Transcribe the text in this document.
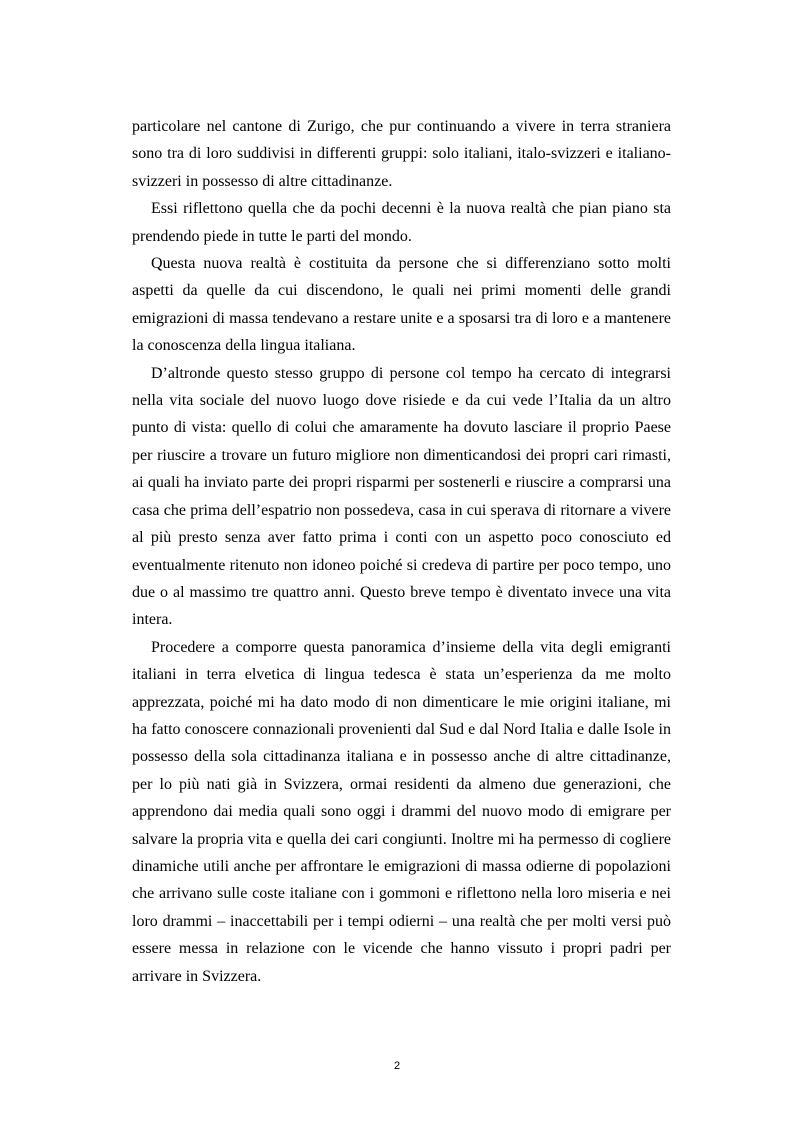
particolare nel cantone di Zurigo, che pur continuando a vivere in terra straniera sono tra di loro suddivisi in differenti gruppi: solo italiani, italo-svizzeri e italiano-svizzeri in possesso di altre cittadinanze.

Essi riflettono quella che da pochi decenni è la nuova realtà che pian piano sta prendendo piede in tutte le parti del mondo.

Questa nuova realtà è costituita da persone che si differenziano sotto molti aspetti da quelle da cui discendono, le quali nei primi momenti delle grandi emigrazioni di massa tendevano a restare unite e a sposarsi tra di loro e a mantenere la conoscenza della lingua italiana.

D’altronde questo stesso gruppo di persone col tempo ha cercato di integrarsi nella vita sociale del nuovo luogo dove risiede e da cui vede l’Italia da un altro punto di vista: quello di colui che amaramente ha dovuto lasciare il proprio Paese per riuscire a trovare un futuro migliore non dimenticandosi dei propri cari rimasti, ai quali ha inviato parte dei propri risparmi per sostenerli e riuscire a comprarsi una casa che prima dell’espatrio non possedeva, casa in cui sperava di ritornare a vivere al più presto senza aver fatto prima i conti con un aspetto poco conosciuto ed eventualmente ritenuto non idoneo poiché si credeva di partire per poco tempo, uno due o al massimo tre quattro anni. Questo breve tempo è diventato invece una vita intera.

Procedere a comporre questa panoramica d’insieme della vita degli emigranti italiani in terra elvetica di lingua tedesca è stata un’esperienza da me molto apprezzata, poiché mi ha dato modo di non dimenticare le mie origini italiane, mi ha fatto conoscere connazionali provenienti dal Sud e dal Nord Italia e dalle Isole in possesso della sola cittadinanza italiana e in possesso anche di altre cittadinanze, per lo più nati già in Svizzera, ormai residenti da almeno due generazioni, che apprendono dai media quali sono oggi i drammi del nuovo modo di emigrare per salvare la propria vita e quella dei cari congiunti. Inoltre mi ha permesso di cogliere dinamiche utili anche per affrontare le emigrazioni di massa odierne di popolazioni che arrivano sulle coste italiane con i gommoni e riflettono nella loro miseria e nei loro drammi – inaccettabili per i tempi odierni – una realtà che per molti versi può essere messa in relazione con le vicende che hanno vissuto i propri padri per arrivare in Svizzera.

2
